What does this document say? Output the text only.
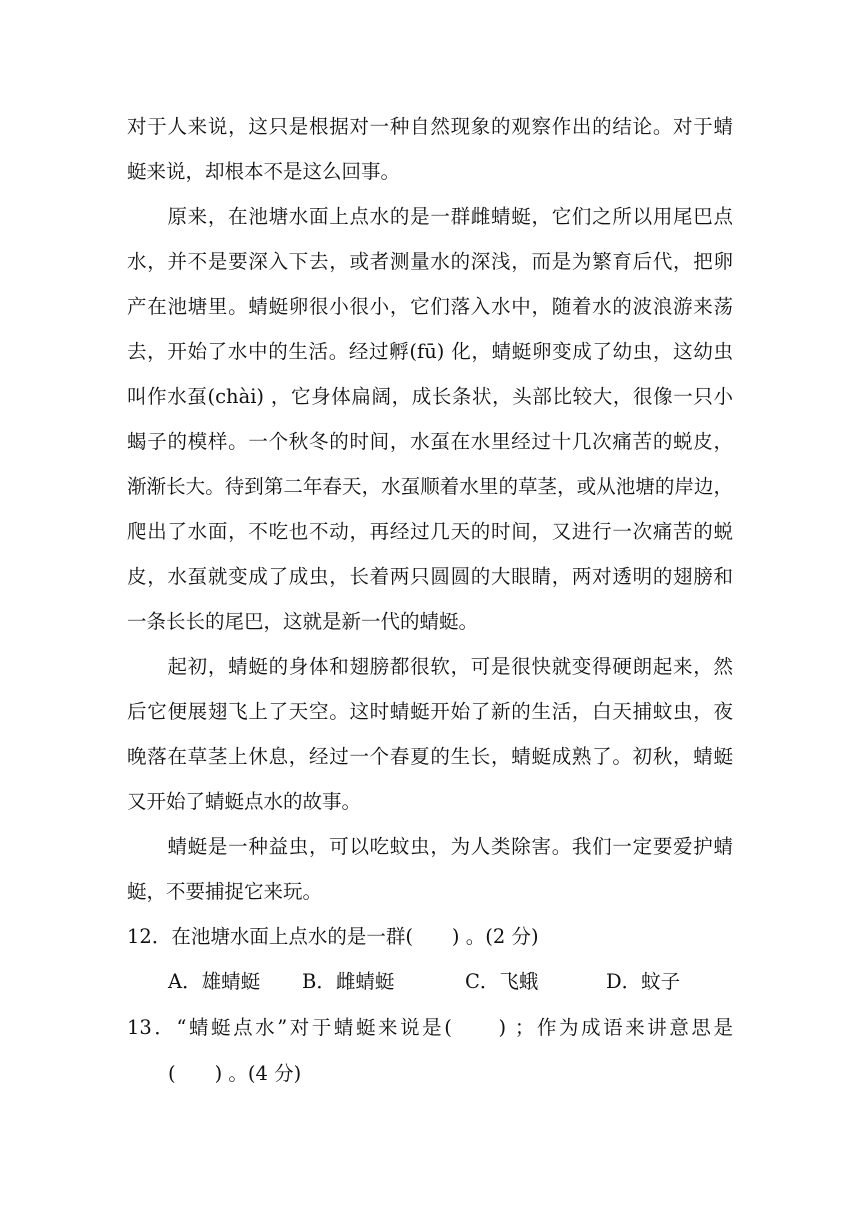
对于人来说，这只是根据对一种自然现象的观察作出的结论。对于蜻
蜓来说，却根本不是这么回事。
　　原来，在池塘水面上点水的是一群雌蜻蜓，它们之所以用尾巴点
水，并不是要深入下去，或者测量水的深浅，而是为繁育后代，把卵
产在池塘里。蜻蜓卵很小很小，它们落入水中，随着水的波浪游来荡
去，开始了水中的生活。经过孵(fū) 化，蜻蜓卵变成了幼虫，这幼虫
叫作水虿(chài) ，它身体扁阔，成长条状，头部比较大，很像一只小
蝎子的模样。一个秋冬的时间，水虿在水里经过十几次痛苦的蜕皮，
渐渐长大。待到第二年春天，水虿顺着水里的草茎，或从池塘的岸边，
爬出了水面，不吃也不动，再经过几天的时间，又进行一次痛苦的蜕
皮，水虿就变成了成虫，长着两只圆圆的大眼睛，两对透明的翅膀和
一条长长的尾巴，这就是新一代的蜻蜓。
　　起初，蜻蜓的身体和翅膀都很软，可是很快就变得硬朗起来，然
后它便展翅飞上了天空。这时蜻蜓开始了新的生活，白天捕蚊虫，夜
晚落在草茎上休息，经过一个春夏的生长，蜻蜓成熟了。初秋，蜻蜓
又开始了蜻蜓点水的故事。
　　蜻蜓是一种益虫，可以吃蚊虫，为人类除害。我们一定要爱护蜻
蜓，不要捕捉它来玩。
12．在池塘水面上点水的是一群(　　) 。(2 分)
A．雄蜻蜓 B．雌蜻蜓	C．飞蛾	D．蚊子
13．“蜻蜓点水”对于蜻蜓来说是(　　) ；作为成语来讲意思是
(　　) 。(4 分)
